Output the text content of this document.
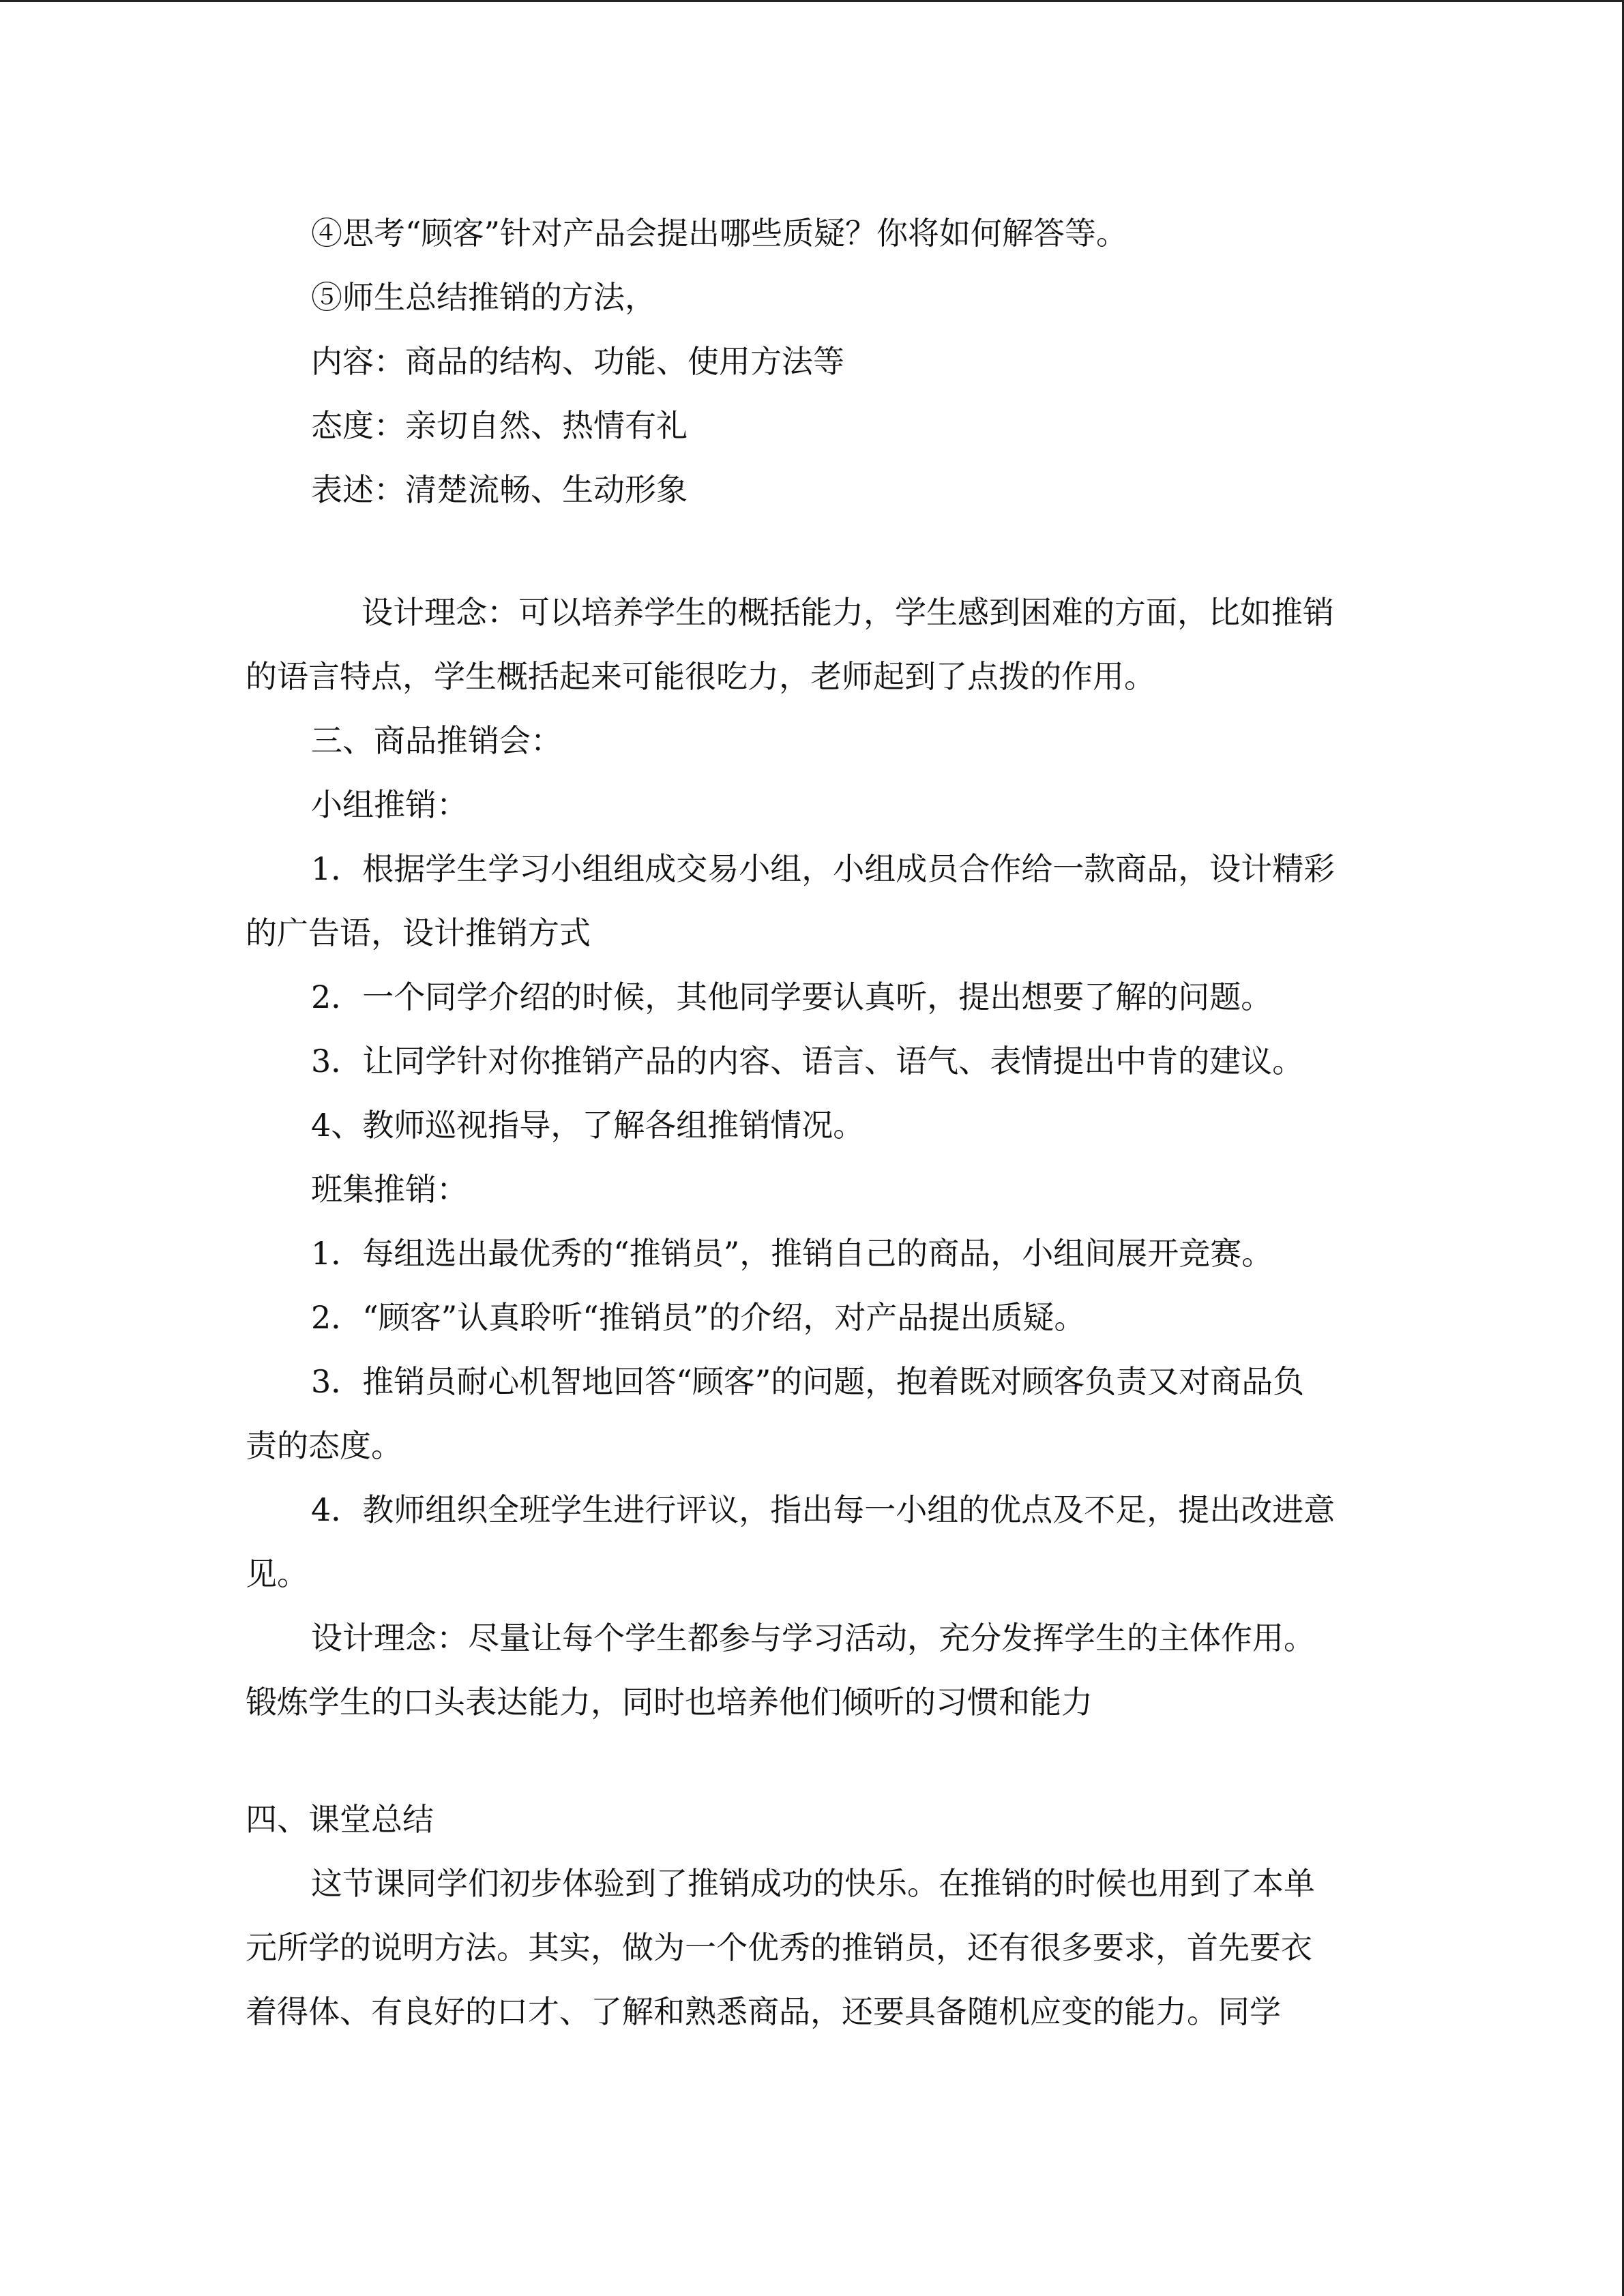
④思考“顾客”针对产品会提出哪些质疑？你将如何解答等。
⑤师生总结推销的方法，
内容：商品的结构、功能、使用方法等
态度：亲切自然、热情有礼
表述：清楚流畅、生动形象
设计理念：可以培养学生的概括能力，学生感到困难的方面，比如推销
的语言特点，学生概括起来可能很吃力，老师起到了点拨的作用。
三、商品推销会：
小组推销：
1．根据学生学习小组组成交易小组，小组成员合作给一款商品，设计精彩
的广告语，设计推销方式
2．一个同学介绍的时候，其他同学要认真听，提出想要了解的问题。
3．让同学针对你推销产品的内容、语言、语气、表情提出中肯的建议。
4、教师巡视指导，了解各组推销情况。
班集推销：
1．每组选出最优秀的“推销员”，推销自己的商品，小组间展开竞赛。
2．“顾客”认真聆听“推销员”的介绍，对产品提出质疑。
3．推销员耐心机智地回答“顾客”的问题，抱着既对顾客负责又对商品负
责的态度。
4．教师组织全班学生进行评议，指出每一小组的优点及不足，提出改进意
见。
设计理念：尽量让每个学生都参与学习活动，充分发挥学生的主体作用。
锻炼学生的口头表达能力，同时也培养他们倾听的习惯和能力
四、课堂总结
这节课同学们初步体验到了推销成功的快乐。在推销的时候也用到了本单
元所学的说明方法。其实，做为一个优秀的推销员，还有很多要求，首先要衣
着得体、有良好的口才、了解和熟悉商品，还要具备随机应变的能力。同学
